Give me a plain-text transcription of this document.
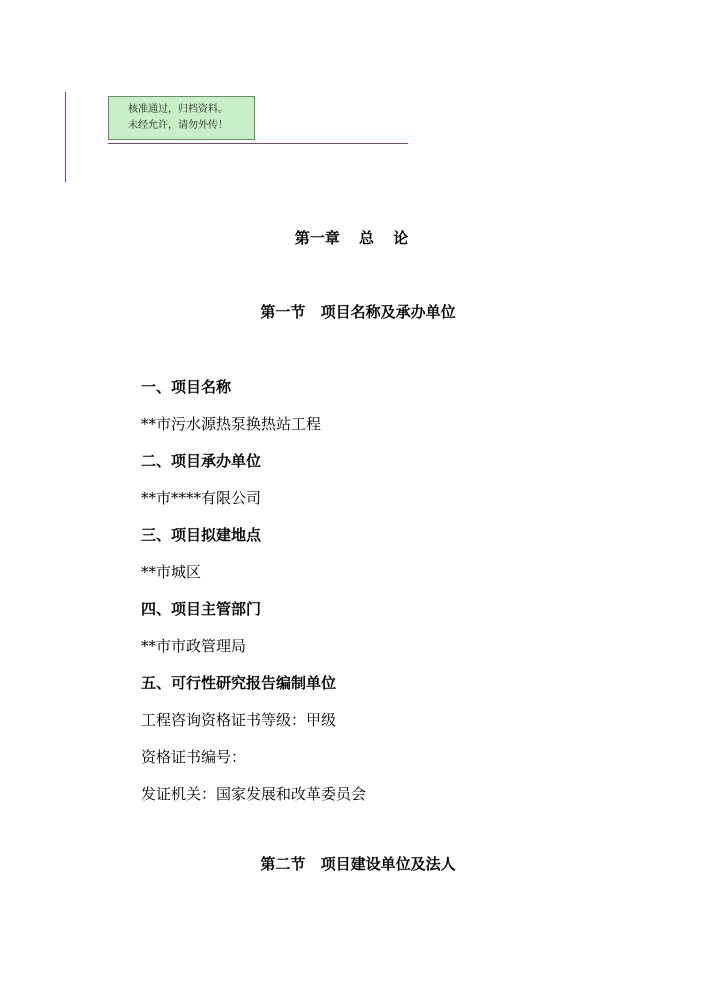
核准通过，归档资料。
未经允许，请勿外传！
第一章 总 论
第一节 项目名称及承办单位
一、项目名称
**市污水源热泵换热站工程
二、项目承办单位
**市****有限公司
三、项目拟建地点
**市城区
四、项目主管部门
**市市政管理局
五、可行性研究报告编制单位
工程咨询资格证书等级：甲级
资格证书编号：
发证机关：国家发展和改革委员会
第二节 项目建设单位及法人
